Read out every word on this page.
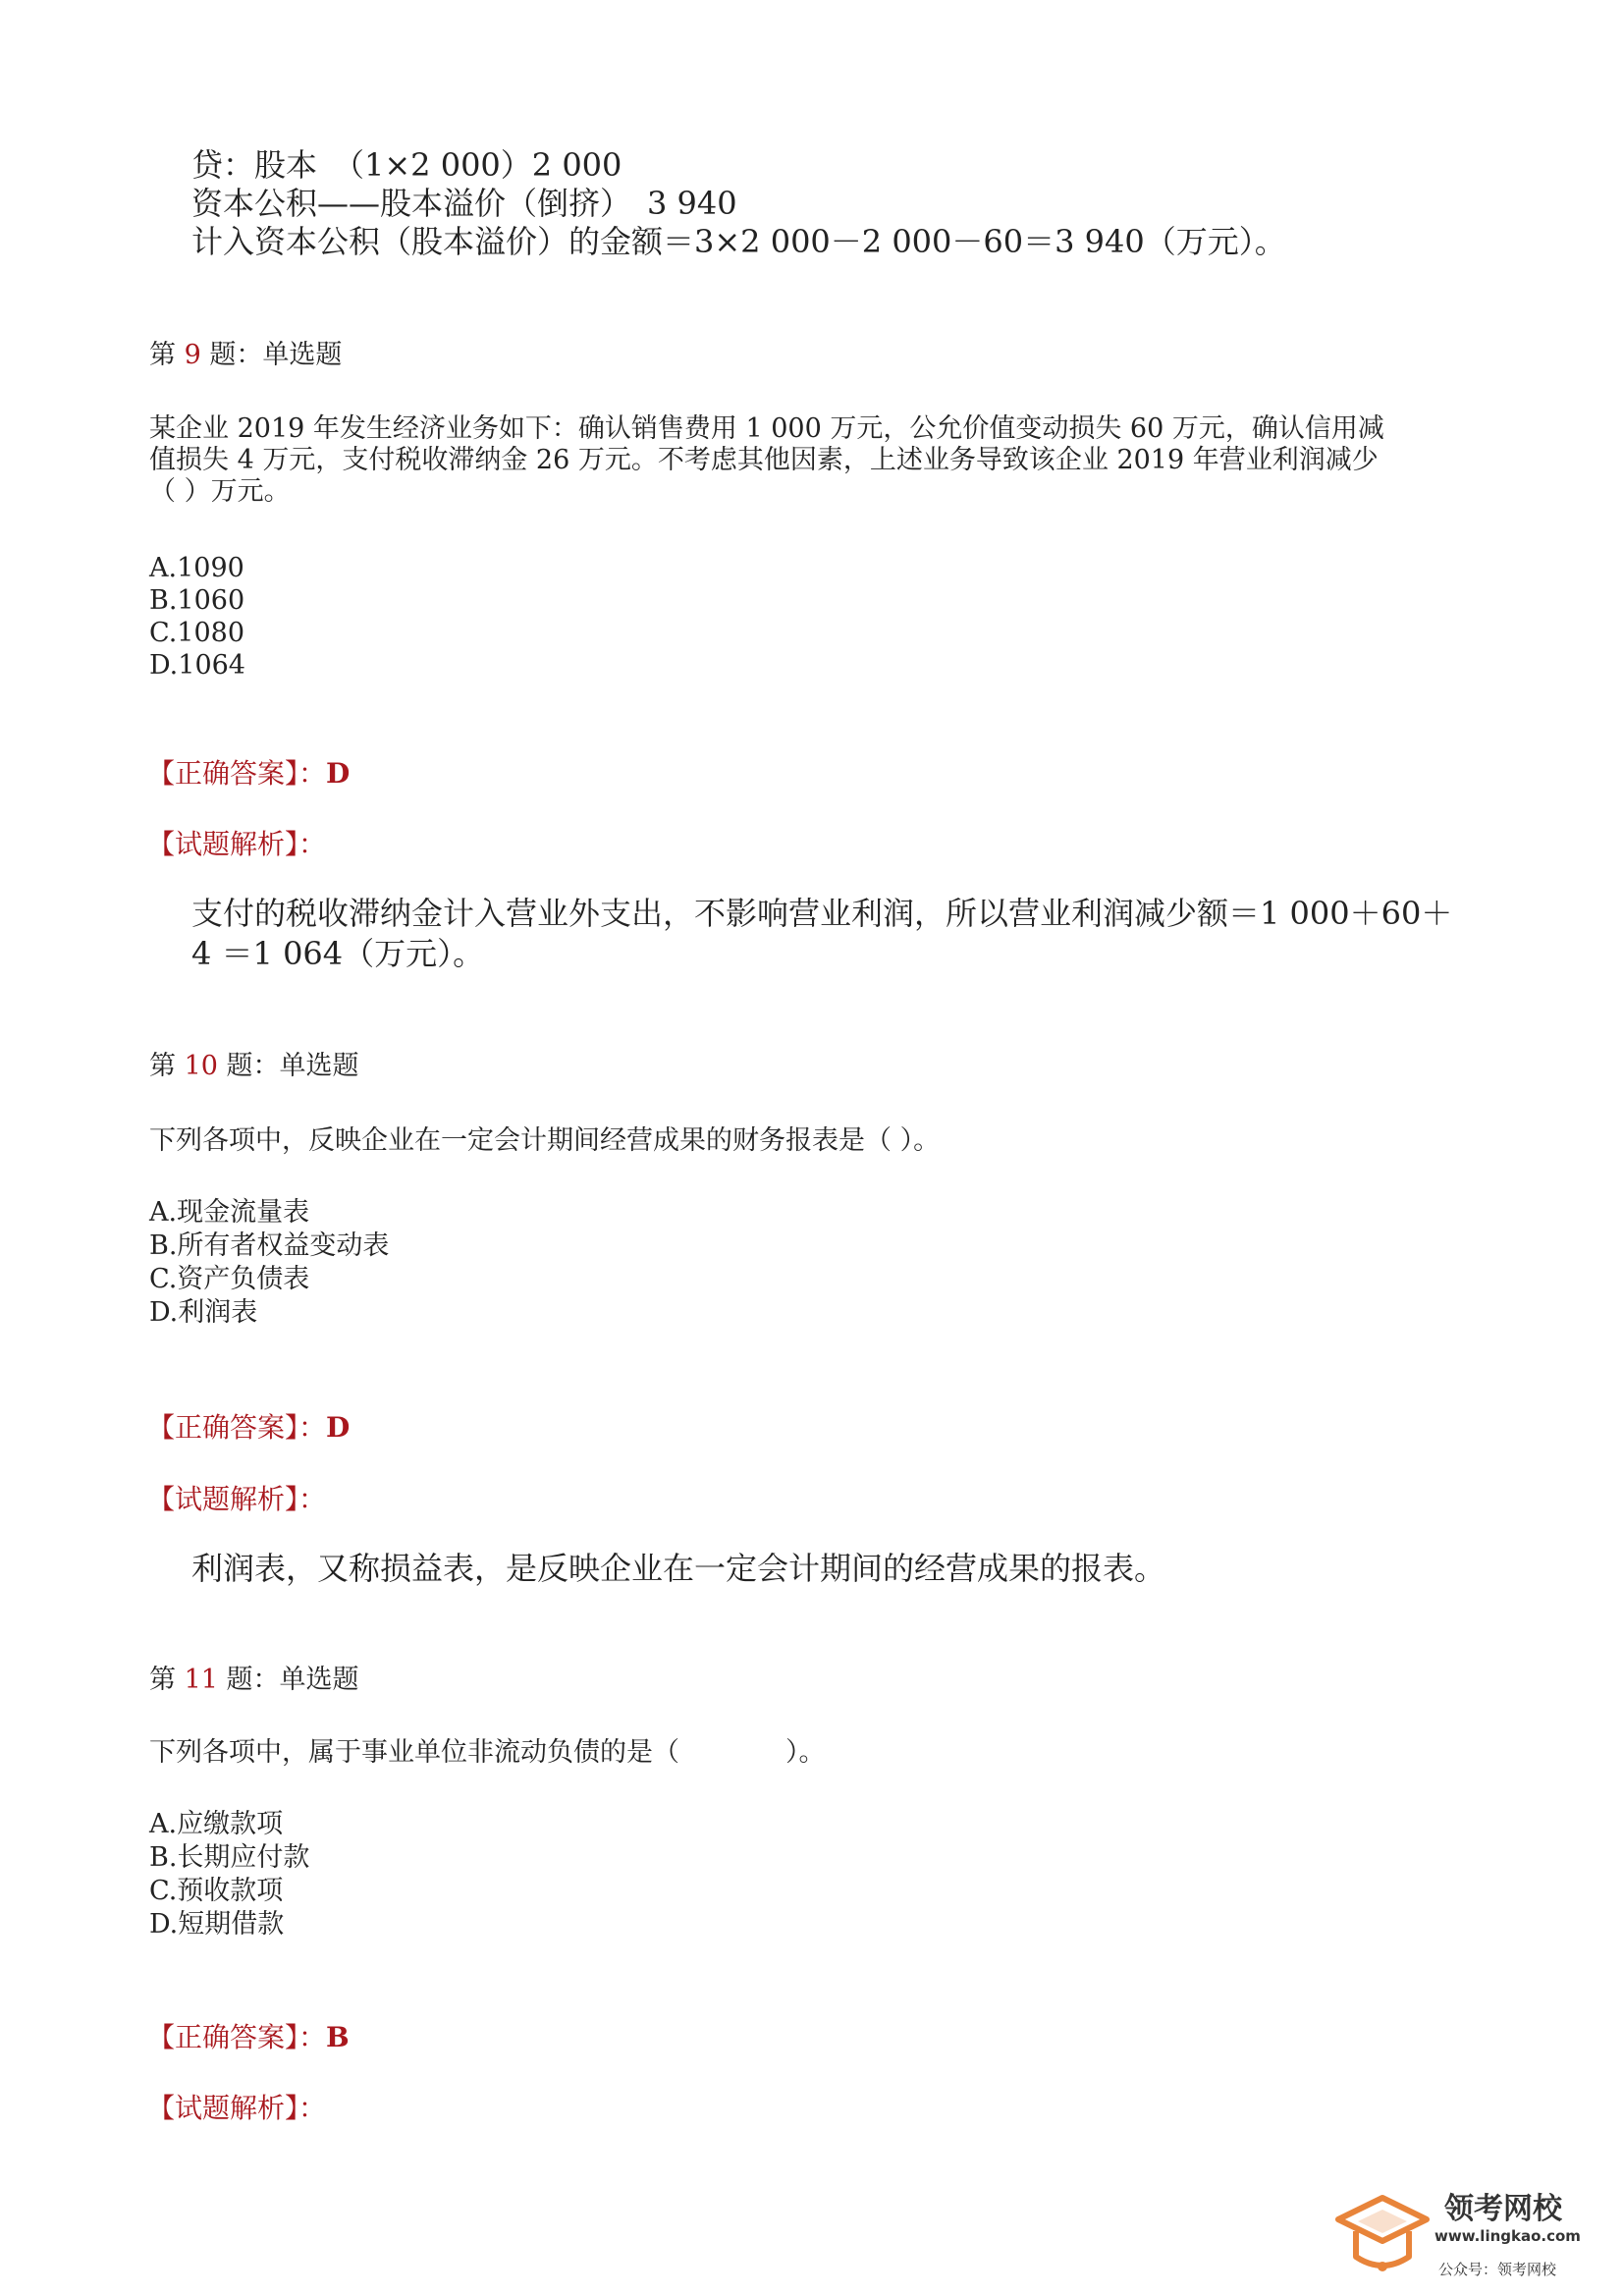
贷：股本　（1×2 000）2 000
资本公积——股本溢价（倒挤）　3 940
计入资本公积（股本溢价）的金额＝3×2 000－2 000－60＝3 940（万元）。
第 9 题：单选题
某企业 2019 年发生经济业务如下：确认销售费用 1 000 万元，公允价值变动损失 60 万元，确认信用减
值损失 4 万元，支付税收滞纳金 26 万元。不考虑其他因素，上述业务导致该企业 2019 年营业利润减少
（ ）万元。
A.1090
B.1060
C.1080
D.1064
【正确答案】：D
【试题解析】：
支付的税收滞纳金计入营业外支出，不影响营业利润，所以营业利润减少额＝1 000＋60＋
4 ＝1 064（万元）。
第 10 题：单选题
下列各项中，反映企业在一定会计期间经营成果的财务报表是（ ）。
A.现金流量表
B.所有者权益变动表
C.资产负债表
D.利润表
【正确答案】：D
【试题解析】：
利润表，又称损益表，是反映企业在一定会计期间的经营成果的报表。
第 11 题：单选题
下列各项中，属于事业单位非流动负债的是（　　　　）。
A.应缴款项
B.长期应付款
C.预收款项
D.短期借款
【正确答案】：B
【试题解析】：
领考网校
www.lingkao.com
公众号：领考网校
